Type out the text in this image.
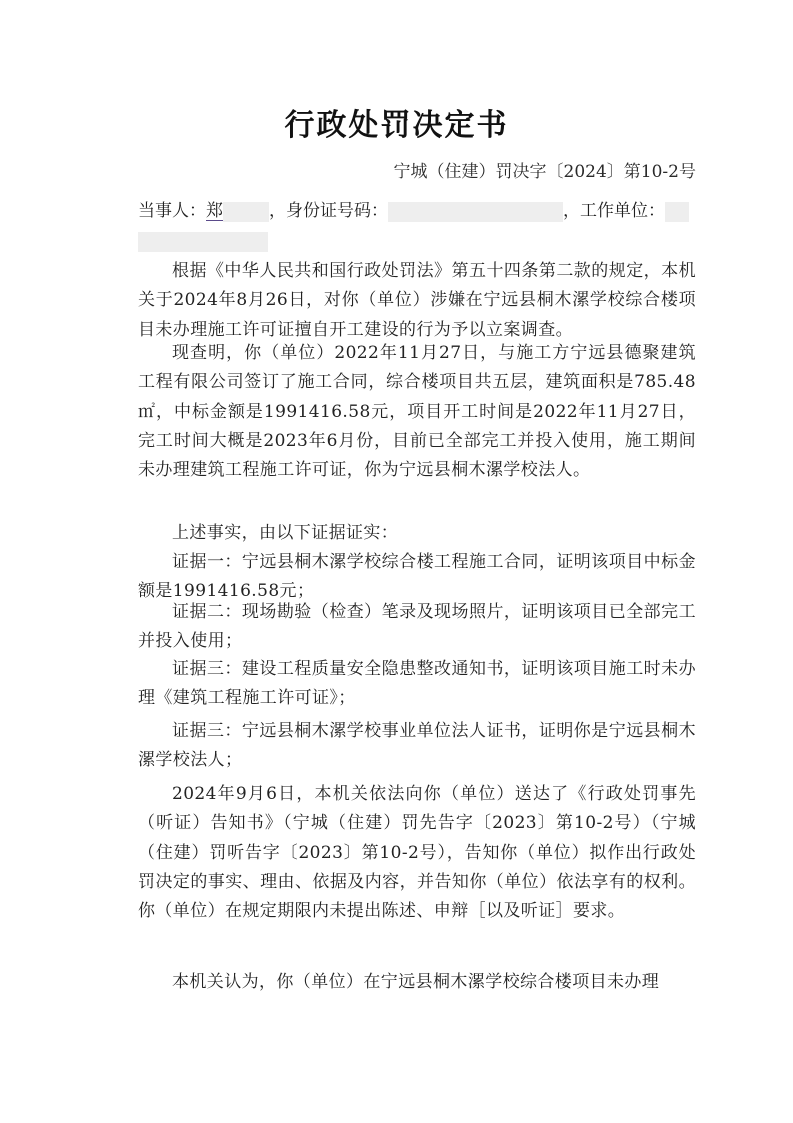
行政处罚决定书
宁城（住建）罚决字〔2024〕第10-2号
当事人：郑	，身份证号码：	，工作单位：

根据《中华人民共和国行政处罚法》第五十四条第二款的规定，本机关于2024年8月26日，对你（单位）涉嫌在宁远县桐木漯学校综合楼项目未办理施工许可证擅自开工建设的行为予以立案调查。
现查明，你（单位）2022年11月27日，与施工方宁远县德聚建筑工程有限公司签订了施工合同，综合楼项目共五层，建筑面积是785.48㎡，中标金额是1991416.58元，项目开工时间是2022年11月27日，完工时间大概是2023年6月份，目前已全部完工并投入使用，施工期间未办理建筑工程施工许可证，你为宁远县桐木漯学校法人。
上述事实，由以下证据证实：
证据一：宁远县桐木漯学校综合楼工程施工合同，证明该项目中标金额是1991416.58元；
证据二：现场勘验（检查）笔录及现场照片，证明该项目已全部完工并投入使用；
证据三：建设工程质量安全隐患整改通知书，证明该项目施工时未办理《建筑工程施工许可证》；
证据三：宁远县桐木漯学校事业单位法人证书，证明你是宁远县桐木漯学校法人；
2024年9月6日，本机关依法向你（单位）送达了《行政处罚事先（听证）告知书》（宁城（住建）罚先告字〔2023〕第10-2号）（宁城（住建）罚听告字〔2023〕第10-2号），告知你（单位）拟作出行政处罚决定的事实、理由、依据及内容，并告知你（单位）依法享有的权利。你（单位）在规定期限内未提出陈述、申辩［以及听证］要求。
本机关认为，你（单位）在宁远县桐木漯学校综合楼项目未办理
